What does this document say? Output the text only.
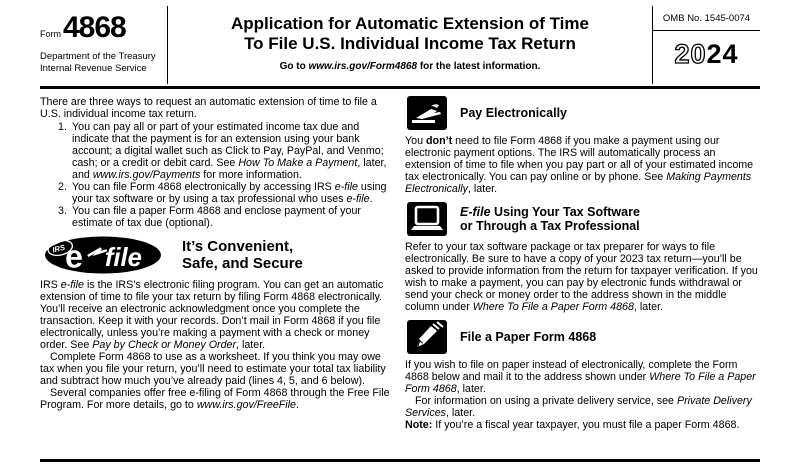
Form 4868
Department of the Treasury
Internal Revenue Service
Application for Automatic Extension of Time
To File U.S. Individual Income Tax Return
Go to www.irs.gov/Form4868 for the latest information.
OMB No. 1545-0074
2024

There are three ways to request an automatic extension of time to file a U.S. individual income tax return.

1. You can pay all or part of your estimated income tax due and indicate that the payment is for an extension using your bank account; a digital wallet such as Click to Pay, PayPal, and Venmo; cash; or a credit or debit card. See How To Make a Payment, later, and www.irs.gov/Payments for more information.
2. You can file Form 4868 electronically by accessing IRS e-file using your tax software or by using a tax professional who uses e-file.
3. You can file a paper Form 4868 and enclose payment of your estimate of tax due (optional).
IRS e file	It’s Convenient,
Safe, and Secure

IRS e-file is the IRS’s electronic filing program. You can get an automatic extension of time to file your tax return by filing Form 4868 electronically. You’ll receive an electronic acknowledgment once you complete the transaction. Keep it with your records. Don’t mail in Form 4868 if you file electronically, unless you’re making a payment with a check or money order. See Pay by Check or Money Order, later.

Complete Form 4868 to use as a worksheet. If you think you may owe tax when you file your return, you’ll need to estimate your total tax liability and subtract how much you’ve already paid (lines 4, 5, and 6 below).

Several companies offer free e-filing of Form 4868 through the Free File Program. For more details, go to www.irs.gov/FreeFile.

Pay Electronically

You don’t need to file Form 4868 if you make a payment using our electronic payment options. The IRS will automatically process an extension of time to file when you pay part or all of your estimated income tax electronically. You can pay online or by phone. See Making Payments Electronically, later.

E-file Using Your Tax Software
or Through a Tax Professional

Refer to your tax software package or tax preparer for ways to file electronically. Be sure to have a copy of your 2023 tax return—you’ll be asked to provide information from the return for taxpayer verification. If you wish to make a payment, you can pay by electronic funds withdrawal or send your check or money order to the address shown in the middle column under Where To File a Paper Form 4868, later.

File a Paper Form 4868

If you wish to file on paper instead of electronically, complete the Form 4868 below and mail it to the address shown under Where To File a Paper Form 4868, later.

For information on using a private delivery service, see Private Delivery Services, later.

Note: If you’re a fiscal year taxpayer, you must file a paper Form 4868.
